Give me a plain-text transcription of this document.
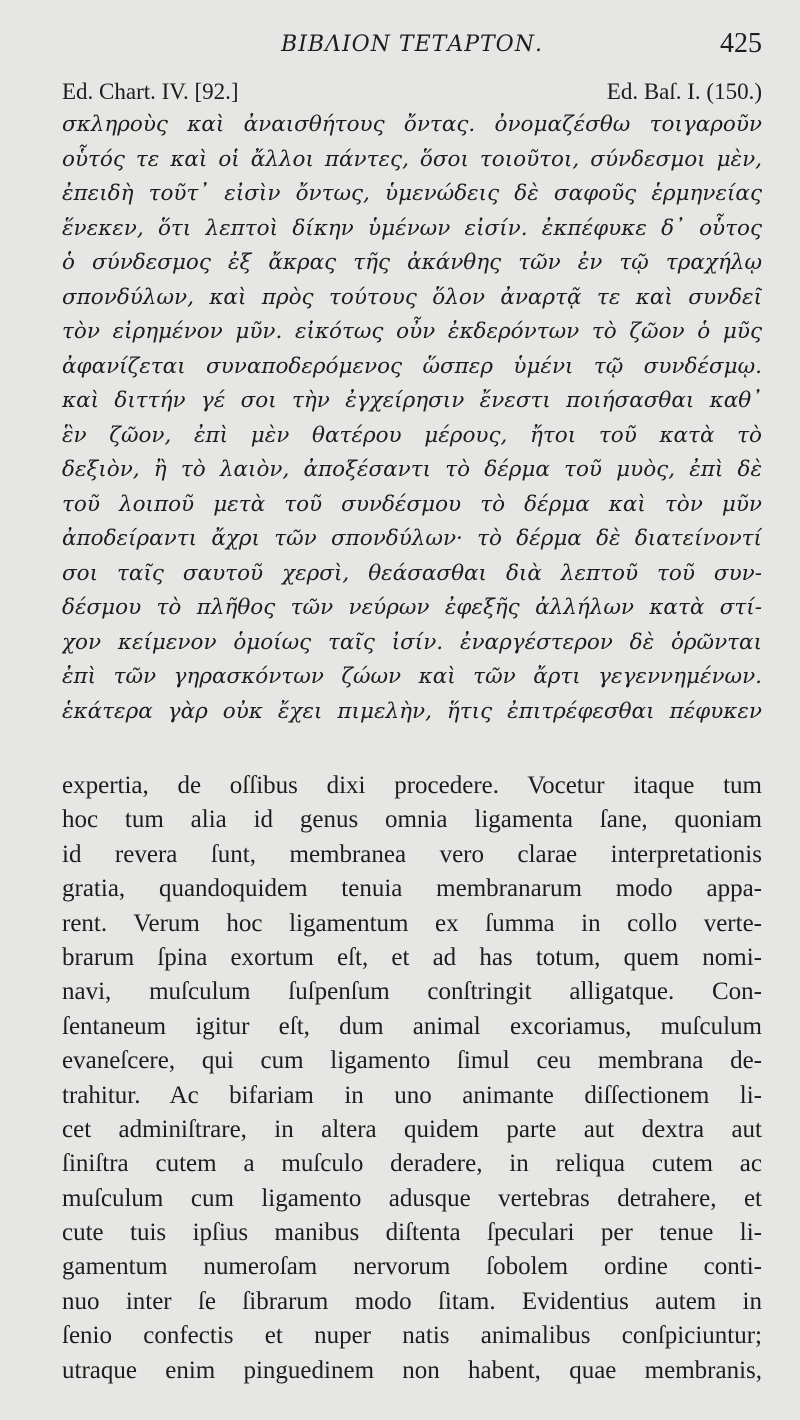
ΒΙΒΛΙΟΝ ΤΕΤΑΡΤΟΝ.	425
Ed. Chart. IV. [92.]	Ed. Baſ. I. (150.)
σκληροὺς καὶ ἀναισθήτους ὄντας. ὀνομαζέσθω τοιγαροῦν
οὗτός τε καὶ οἱ ἄλλοι πάντες, ὅσοι τοιοῦτοι, σύνδεσμοι μὲν,
ἐπειδὴ τοῦτ᾽ εἰσὶν ὄντως, ὑμενώδεις δὲ σαφοῦς ἑρμηνείας
ἕνεκεν, ὅτι λεπτοὶ δίκην ὑμένων εἰσίν. ἐκπέφυκε δ᾽ οὗτος
ὁ σύνδεσμος ἐξ ἄκρας τῆς ἀκάνθης τῶν ἐν τῷ τραχήλῳ
σπονδύλων, καὶ πρὸς τούτους ὅλον ἀναρτᾷ τε καὶ συνδεῖ
τὸν εἰρημένον μῦν. εἰκότως οὖν ἐκδερόντων τὸ ζῶον ὁ μῦς
ἀφανίζεται συναποδερόμενος ὥσπερ ὑμένι τῷ συνδέσμῳ.
καὶ διττήν γέ σοι τὴν ἐγχείρησιν ἔνεστι ποιήσασθαι καθ᾽
ἓν ζῶον, ἐπὶ μὲν θατέρου μέρους, ἤτοι τοῦ κατὰ τὸ
δεξιὸν, ἢ τὸ λαιὸν, ἀποξέσαντι τὸ δέρμα τοῦ μυὸς, ἐπὶ δὲ
τοῦ λοιποῦ μετὰ τοῦ συνδέσμου τὸ δέρμα καὶ τὸν μῦν
ἀποδείραντι ἄχρι τῶν σπονδύλων· τὸ δέρμα δὲ διατείνοντί
σοι ταῖς σαυτοῦ χερσὶ, θεάσασθαι διὰ λεπτοῦ τοῦ συν-
δέσμου τὸ πλῆθος τῶν νεύρων ἐφεξῆς ἀλλήλων κατὰ στί-
χον κείμενον ὁμοίως ταῖς ἰσίν. ἐναργέστερον δὲ ὁρῶνται
ἐπὶ τῶν γηρασκόντων ζώων καὶ τῶν ἄρτι γεγεννημένων.
ἑκάτερα γὰρ οὐκ ἔχει πιμελὴν, ἥτις ἐπιτρέφεσθαι πέφυκεν
expertia, de oſſibus dixi procedere. Vocetur itaque tum
hoc tum alia id genus omnia ligamenta ſane, quoniam
id revera ſunt, membranea vero clarae interpretationis
gratia, quandoquidem tenuia membranarum modo appa-
rent. Verum hoc ligamentum ex ſumma in collo verte-
brarum ſpina exortum eſt, et ad has totum, quem nomi-
navi, muſculum ſuſpenſum conſtringit alligatque. Con-
ſentaneum igitur eſt, dum animal excoriamus, muſculum
evaneſcere, qui cum ligamento ſimul ceu membrana de-
trahitur. Ac bifariam in uno animante diſſectionem li-
cet adminiſtrare, in altera quidem parte aut dextra aut
ſiniſtra cutem a muſculo deradere, in reliqua cutem ac
muſculum cum ligamento adusque vertebras detrahere, et
cute tuis ipſius manibus diſtenta ſpeculari per tenue li-
gamentum numeroſam nervorum ſobolem ordine conti-
nuo inter ſe ſibrarum modo ſitam. Evidentius autem in
ſenio confectis et nuper natis animalibus conſpiciuntur;
utraque enim pinguedinem non habent, quae membranis,
